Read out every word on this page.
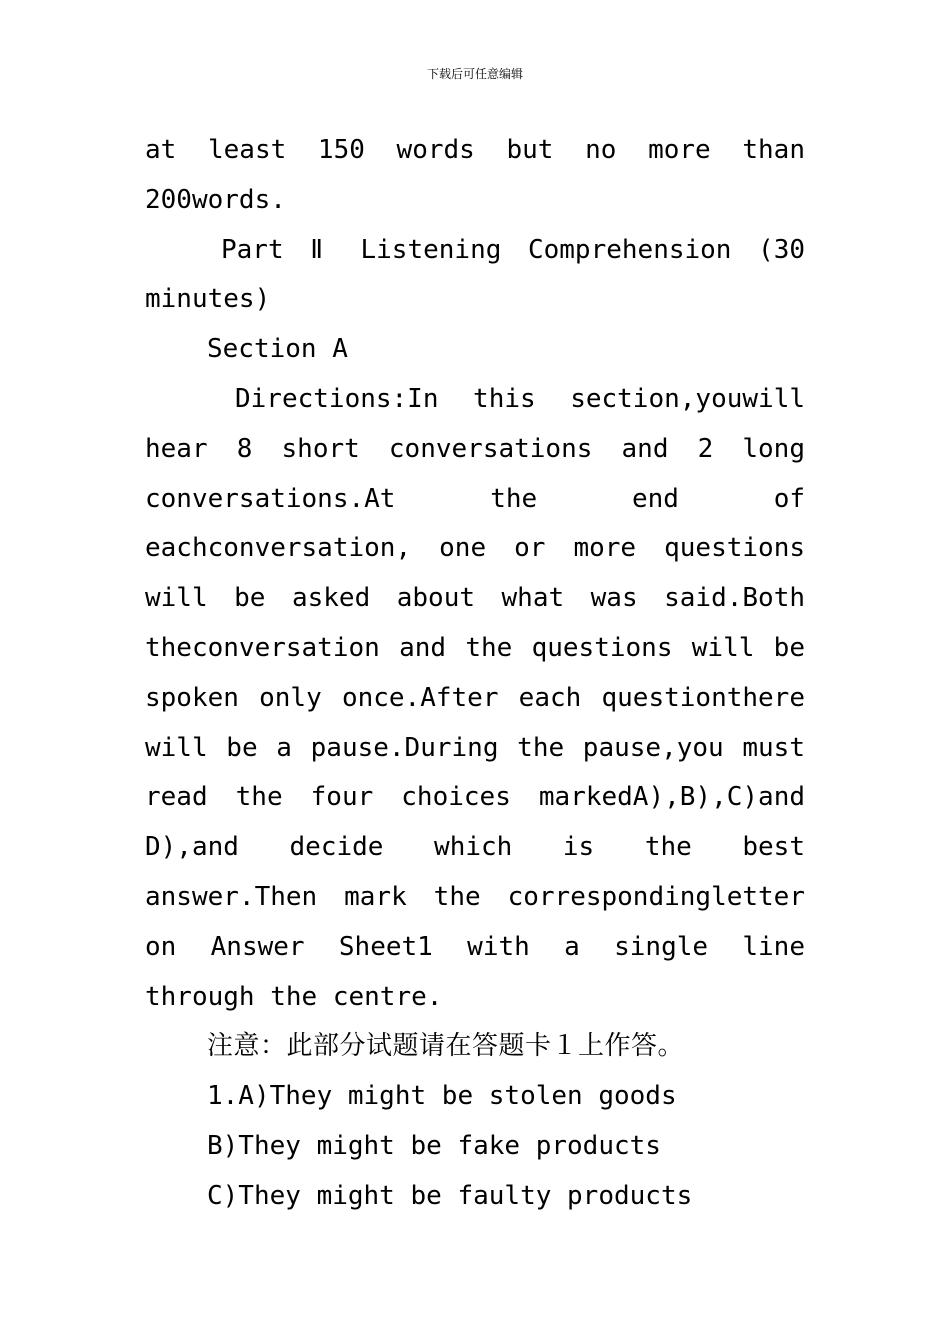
下载后可任意编辑

at least 150 words but no more than

200words.

Part Ⅱ Listening Comprehension (30

minutes)

Section A

Directions:In this section,youwill

hear 8 short conversations and 2 long

conversations.At the end of

eachconversation, one or more questions

will be asked about what was said.Both

theconversation and the questions will be

spoken only once.After each questionthere

will be a pause.During the pause,you must

read the four choices markedA),B),C)and

D),and decide which is the best

answer.Then mark the correspondingletter

on Answer Sheet1 with a single line

through the centre.

注意：此部分试题请在答题卡１上作答。

1.A)They might be stolen goods

B)They might be fake products

C)They might be faulty products
